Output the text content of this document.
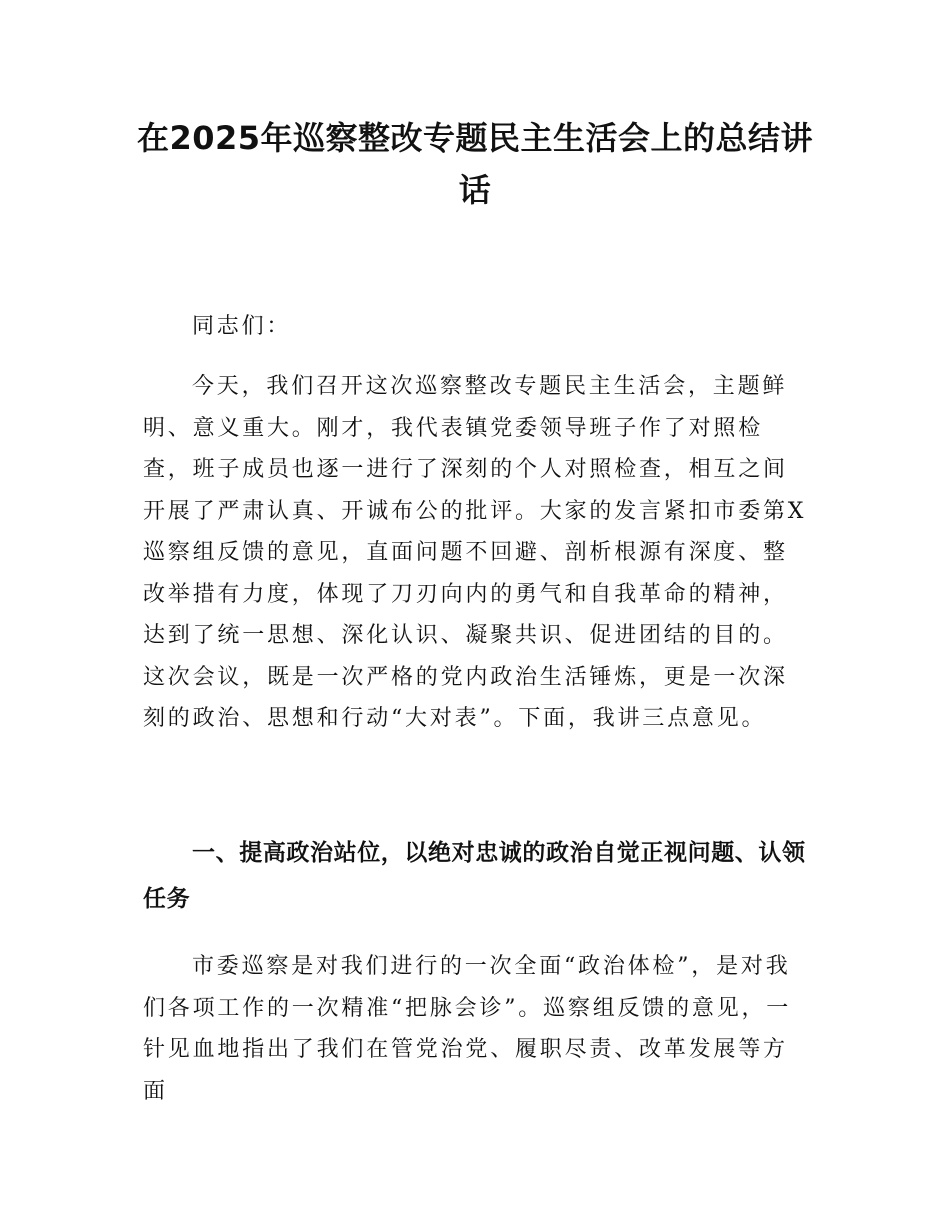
在2025年巡察整改专题民主生活会上的总结讲话

同志们：

今天，我们召开这次巡察整改专题民主生活会，主题鲜明、意义重大。刚才，我代表镇党委领导班子作了对照检查，班子成员也逐一进行了深刻的个人对照检查，相互之间开展了严肃认真、开诚布公的批评。大家的发言紧扣市委第X巡察组反馈的意见，直面问题不回避、剖析根源有深度、整改举措有力度，体现了刀刃向内的勇气和自我革命的精神，达到了统一思想、深化认识、凝聚共识、促进团结的目的。这次会议，既是一次严格的党内政治生活锤炼，更是一次深刻的政治、思想和行动“大对表”。下面，我讲三点意见。

一、提高政治站位，以绝对忠诚的政治自觉正视问题、认领任务

市委巡察是对我们进行的一次全面“政治体检”，是对我们各项工作的一次精准“把脉会诊”。巡察组反馈的意见，一针见血地指出了我们在管党治党、履职尽责、改革发展等方面
